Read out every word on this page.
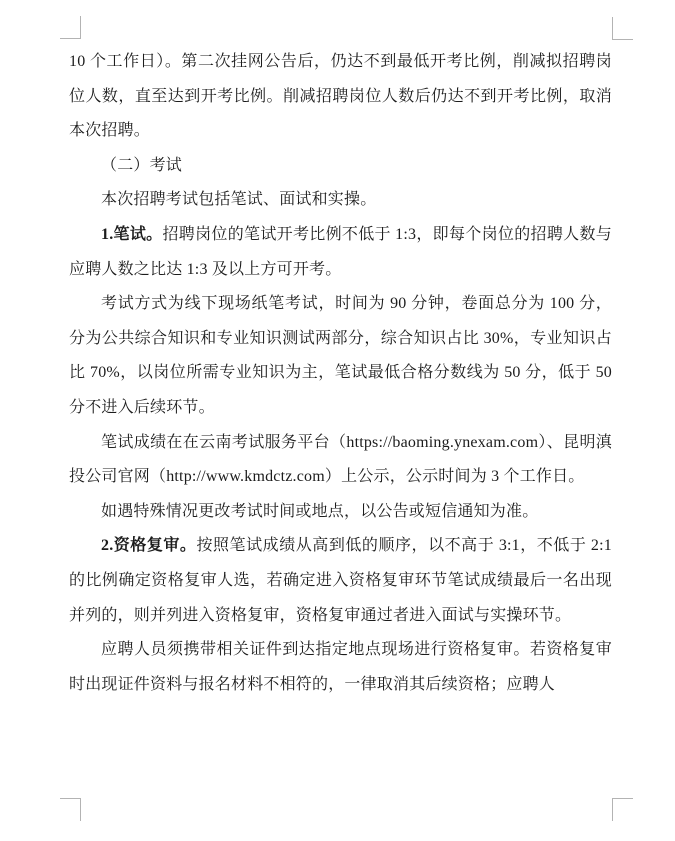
10 个工作日）。第二次挂网公告后，仍达不到最低开考比例，削减拟招聘岗位人数，直至达到开考比例。削减招聘岗位人数后仍达不到开考比例，取消本次招聘。

（二）考试

本次招聘考试包括笔试、面试和实操。

1.笔试。招聘岗位的笔试开考比例不低于 1:3，即每个岗位的招聘人数与应聘人数之比达 1:3 及以上方可开考。

考试方式为线下现场纸笔考试，时间为 90 分钟，卷面总分为 100 分，分为公共综合知识和专业知识测试两部分，综合知识占比 30%，专业知识占比 70%，以岗位所需专业知识为主，笔试最低合格分数线为 50 分，低于 50 分不进入后续环节。

笔试成绩在在云南考试服务平台（https://baoming.ynexam.com）、昆明滇投公司官网（http://www.kmdctz.com）上公示，公示时间为 3 个工作日。

如遇特殊情况更改考试时间或地点，以公告或短信通知为准。

2.资格复审。按照笔试成绩从高到低的顺序，以不高于 3:1，不低于 2:1 的比例确定资格复审人选，若确定进入资格复审环节笔试成绩最后一名出现并列的，则并列进入资格复审，资格复审通过者进入面试与实操环节。

应聘人员须携带相关证件到达指定地点现场进行资格复审。若资格复审时出现证件资料与报名材料不相符的，一律取消其后续资格；应聘人
